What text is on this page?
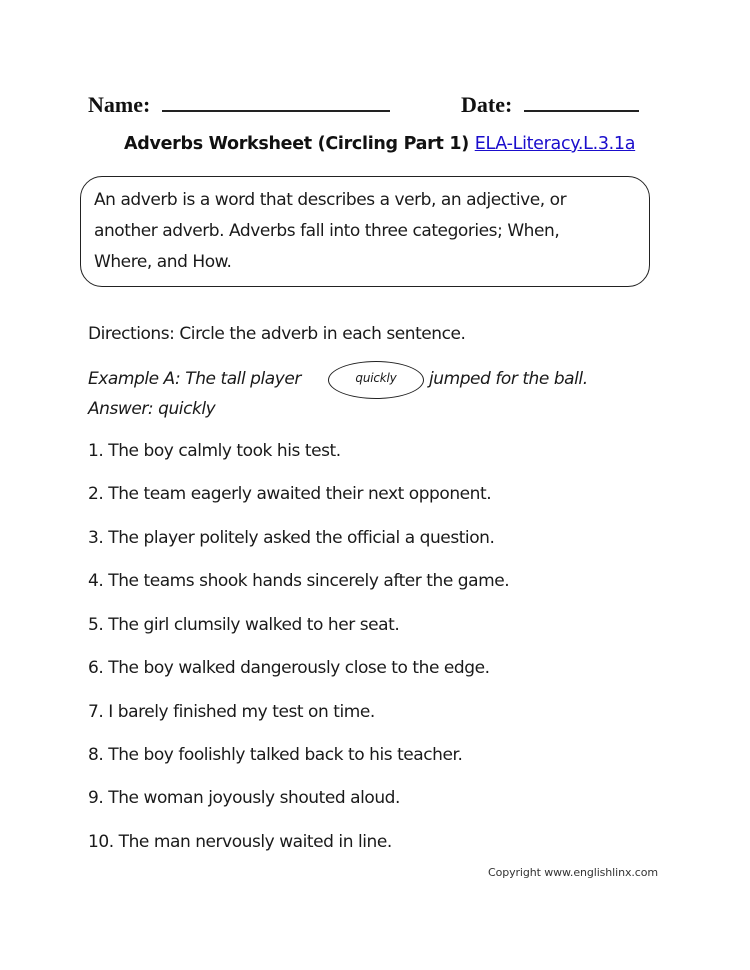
Name:	Date:
Adverbs Worksheet (Circling Part 1) ELA-Literacy.L.3.1a
An adverb is a word that describes a verb, an adjective, or
another adverb. Adverbs fall into three categories; When,
Where, and How.
Directions: Circle the adverb in each sentence.
Example A: The tall player	quickly jumped for the ball.
Answer: quickly
1. The boy calmly took his test.
2. The team eagerly awaited their next opponent.
3. The player politely asked the official a question.
4. The teams shook hands sincerely after the game.
5. The girl clumsily walked to her seat.
6. The boy walked dangerously close to the edge.
7. I barely finished my test on time.
8. The boy foolishly talked back to his teacher.
9. The woman joyously shouted aloud.
10. The man nervously waited in line.
Copyright www.englishlinx.com
